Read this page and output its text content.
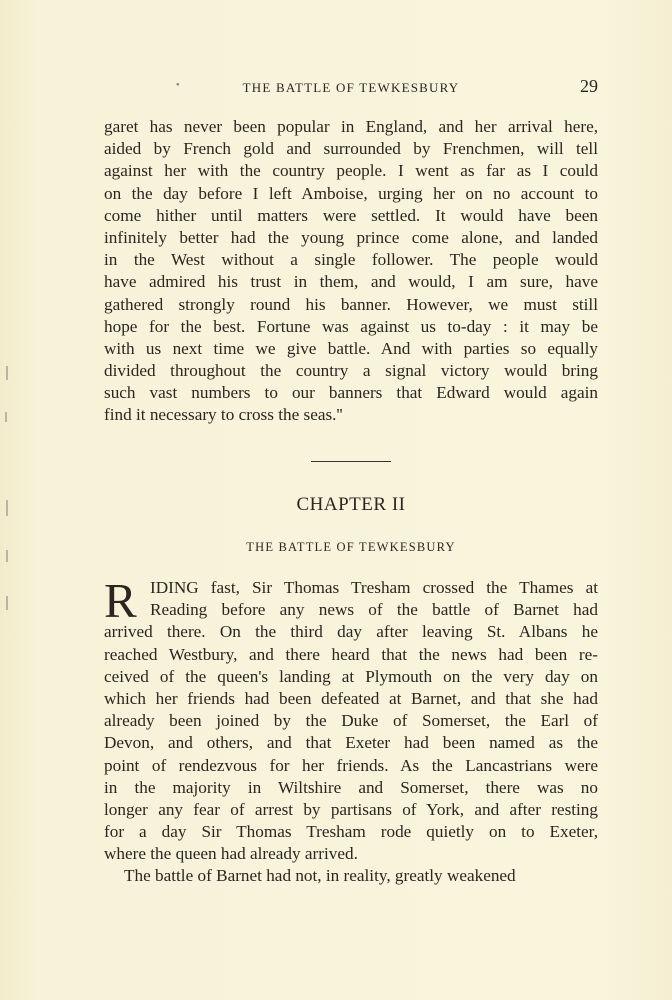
•	THE BATTLE OF TEWKESBURY	29
garet has never been popular in England, and her arrival here,
aided by French gold and surrounded by Frenchmen, will tell
against her with the country people. I went as far as I could
on the day before I left Amboise, urging her on no account to
come hither until matters were settled. It would have been
infinitely better had the young prince come alone, and landed
in the West without a single follower. The people would
have admired his trust in them, and would, I am sure, have
gathered strongly round his banner. However, we must still
hope for the best. Fortune was against us to-day : it may be
with us next time we give battle. And with parties so equally
divided throughout the country a signal victory would bring
such vast numbers to our banners that Edward would again
find it necessary to cross the seas.''
CHAPTER II
THE BATTLE OF TEWKESBURY
R IDING fast, Sir Thomas Tresham crossed the Thames at
Reading before any news of the battle of Barnet had
arrived there. On the third day after leaving St. Albans he
reached Westbury, and there heard that the news had been re-
ceived of the queen's landing at Plymouth on the very day on
which her friends had been defeated at Barnet, and that she had
already been joined by the Duke of Somerset, the Earl of
Devon, and others, and that Exeter had been named as the
point of rendezvous for her friends. As the Lancastrians were
in the majority in Wiltshire and Somerset, there was no
longer any fear of arrest by partisans of York, and after resting
for a day Sir Thomas Tresham rode quietly on to Exeter,
where the queen had already arrived.
The battle of Barnet had not, in reality, greatly weakened
